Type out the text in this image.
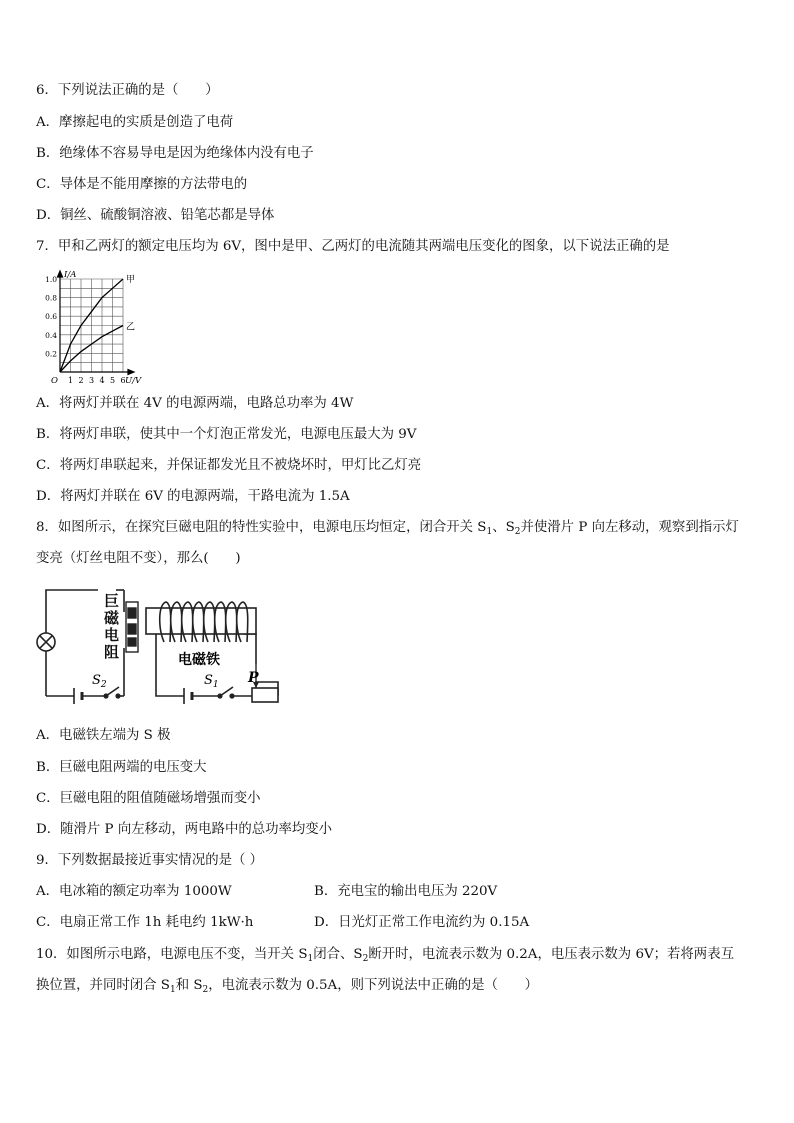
6．下列说法正确的是（　　）
A．摩擦起电的实质是创造了电荷
B．绝缘体不容易导电是因为绝缘体内没有电子
C．导体是不能用摩擦的方法带电的
D．铜丝、硫酸铜溶液、铅笔芯都是导体
7．甲和乙两灯的额定电压均为 6V，图中是甲、乙两灯的电流随其两端电压变化的图象，以下说法正确的是
0.2
0.4
0.6
0.8
1.0
1 2 3 4 5 6
甲
乙
I/A
U/V
O
A．将两灯并联在 4V 的电源两端，电路总功率为 4W
B．将两灯串联，使其中一个灯泡正常发光，电源电压最大为 9V
C．将两灯串联起来，并保证都发光且不被烧坏时，甲灯比乙灯亮
D．将两灯并联在 6V 的电源两端，干路电流为 1.5A
8．如图所示，在探究巨磁电阻的特性实验中，电源电压均恒定，闭合开关 $S_1$、$S_2$并使滑片 P 向左移动，观察到指示灯
变亮（灯丝电阻不变），那么(　　)
$S_2$
巨磁电阻	电磁铁
$S_1$ P
A．电磁铁左端为 S 极
B．巨磁电阻两端的电压变大
C．巨磁电阻的阻值随磁场增强而变小
D．随滑片 P 向左移动，两电路中的总功率均变小
9．下列数据最接近事实情况的是（ ）
A．电冰箱的额定功率为 1000W	B．充电宝的输出电压为 220V
C．电扇正常工作 1h 耗电约 1kW·h	D．日光灯正常工作电流约为 0.15A
10．如图所示电路，电源电压不变，当开关 $S_1$闭合、$S_2$断开时，电流表示数为 0.2A，电压表示数为 6V；若将两表互
换位置，并同时闭合 $S_1$和 $S_2$，电流表示数为 0.5A，则下列说法中正确的是（　　）
